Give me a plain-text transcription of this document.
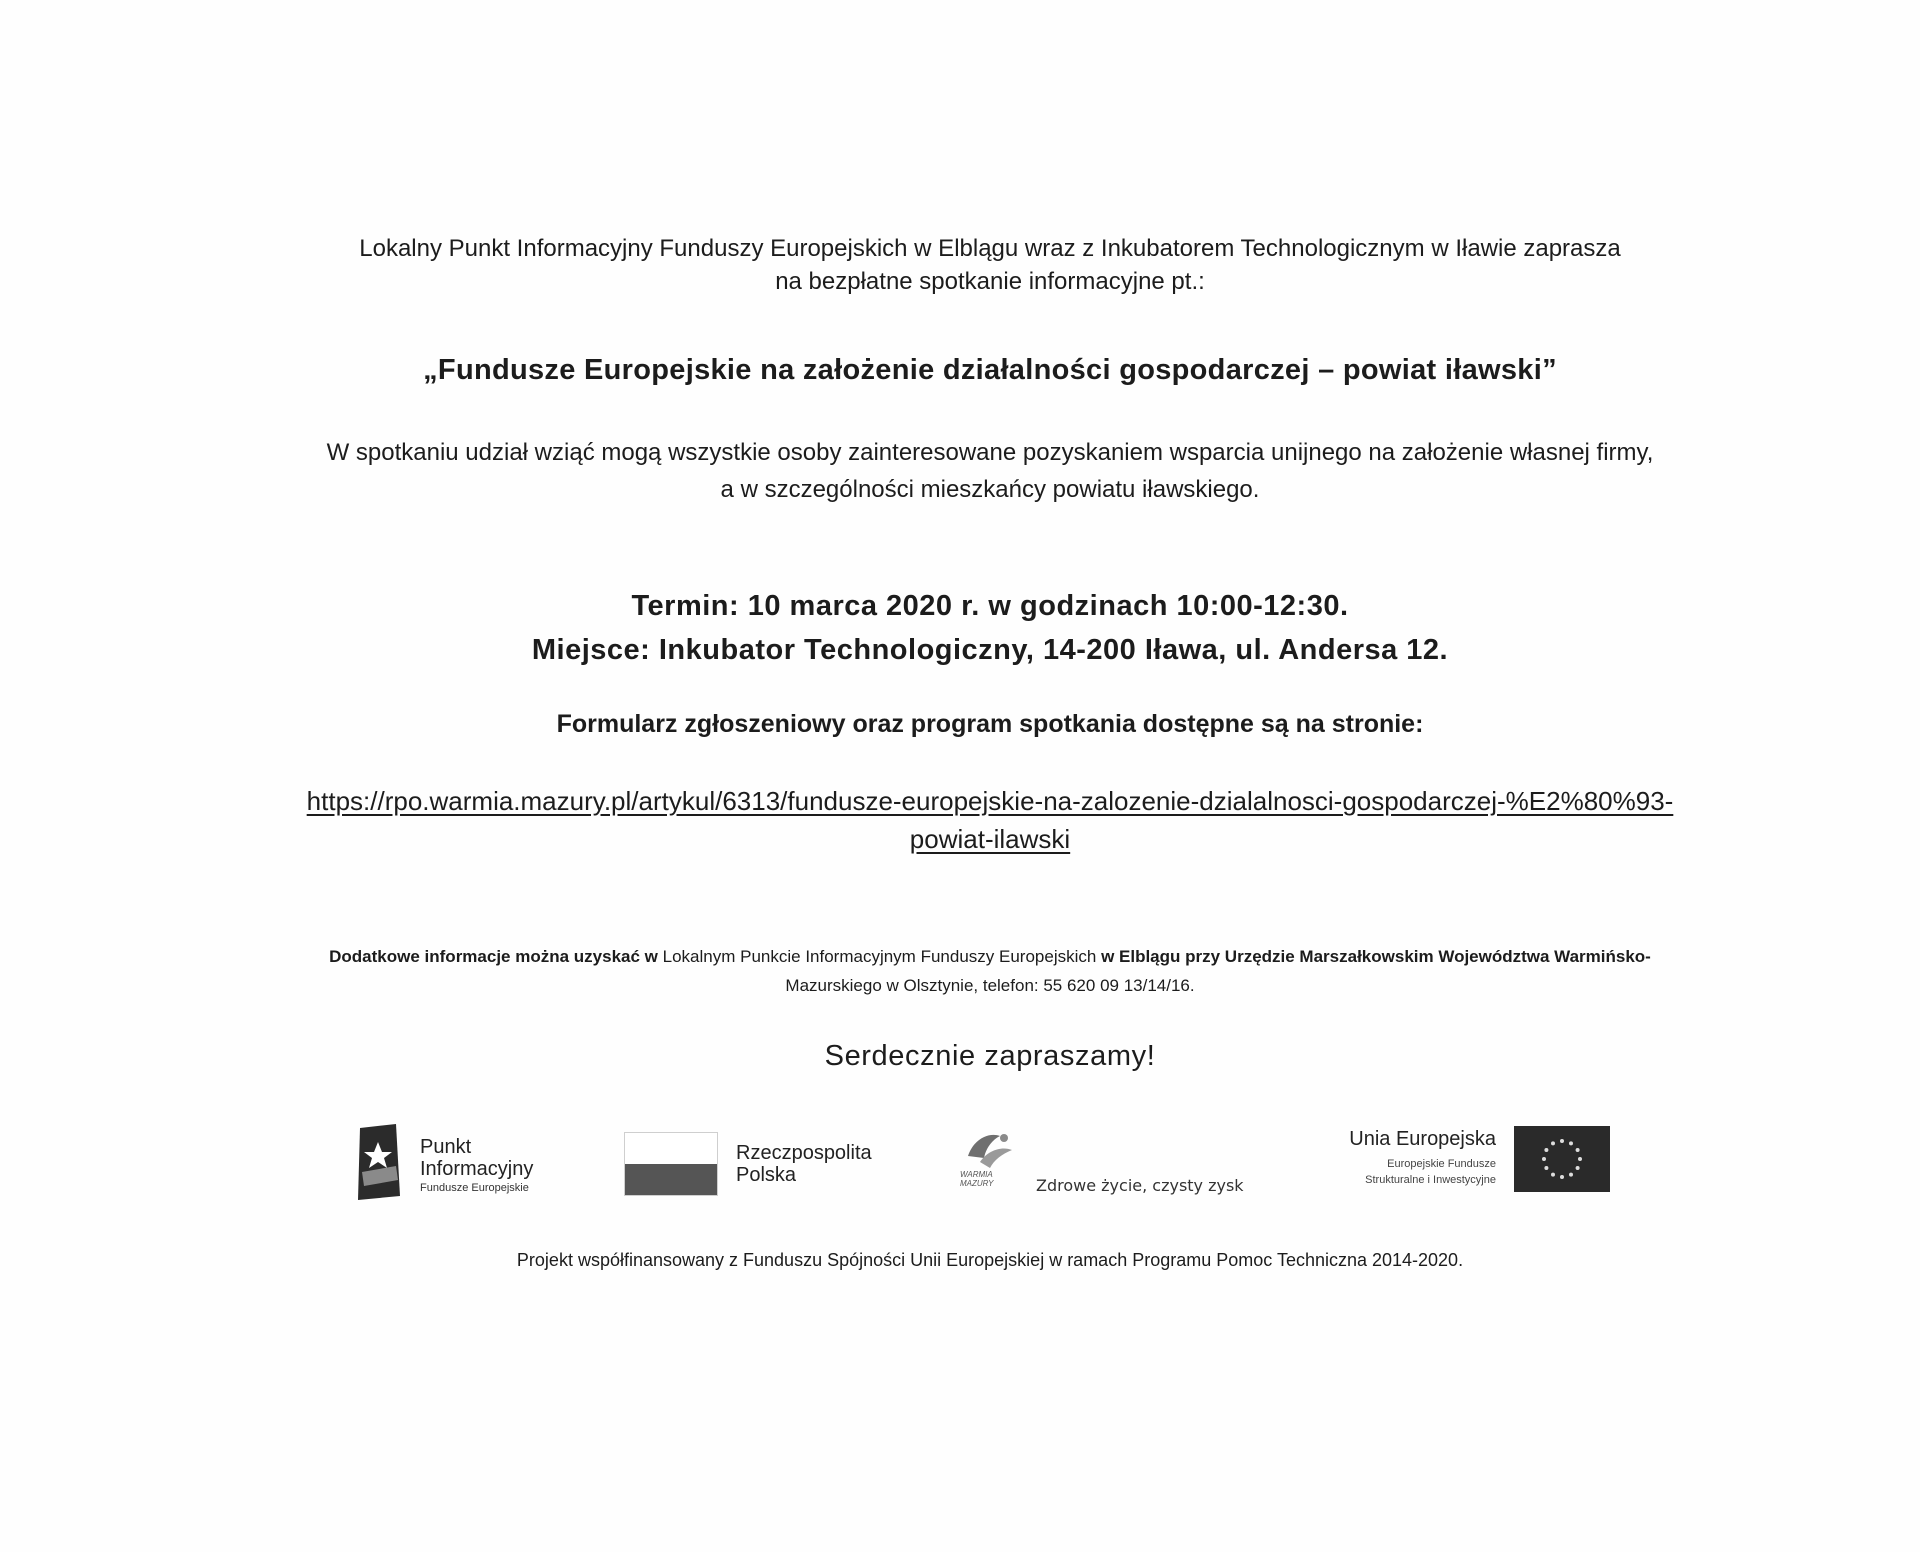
Lokalny Punkt Informacyjny Funduszy Europejskich w Elblągu wraz z Inkubatorem Technologicznym w Iławie zaprasza
na bezpłatne spotkanie informacyjne pt.:
„Fundusze Europejskie na założenie działalności gospodarczej – powiat iławski”
W spotkaniu udział wziąć mogą wszystkie osoby zainteresowane pozyskaniem wsparcia unijnego na założenie własnej firmy,
a w szczególności mieszkańcy powiatu iławskiego.
Termin: 10 marca 2020 r. w godzinach 10:00-12:30.
Miejsce: Inkubator Technologiczny, 14-200 Iława, ul. Andersa 12.
Formularz zgłoszeniowy oraz program spotkania dostępne są na stronie:
https://rpo.warmia.mazury.pl/artykul/6313/fundusze-europejskie-na-zalozenie-dzialalnosci-gospodarczej-%E2%80%93-
powiat-ilawski
Dodatkowe informacje można uzyskać w Lokalnym Punkcie Informacyjnym Funduszy Europejskich w Elblągu przy Urzędzie Marszałkowskim Województwa Warmińsko-
Mazurskiego w Olsztynie, telefon: 55 620 09 13/14/16.
Serdecznie zapraszamy!
Punkt
Informacyjny
Fundusze Europejskie
Rzeczpospolita
Polska	WARMIA MAZURY	Zdrowe życie, czysty zysk
Unia Europejska
Europejskie Fundusze
Strukturalne i Inwestycyjne
Projekt współfinansowany z Funduszu Spójności Unii Europejskiej w ramach Programu Pomoc Techniczna 2014-2020.
